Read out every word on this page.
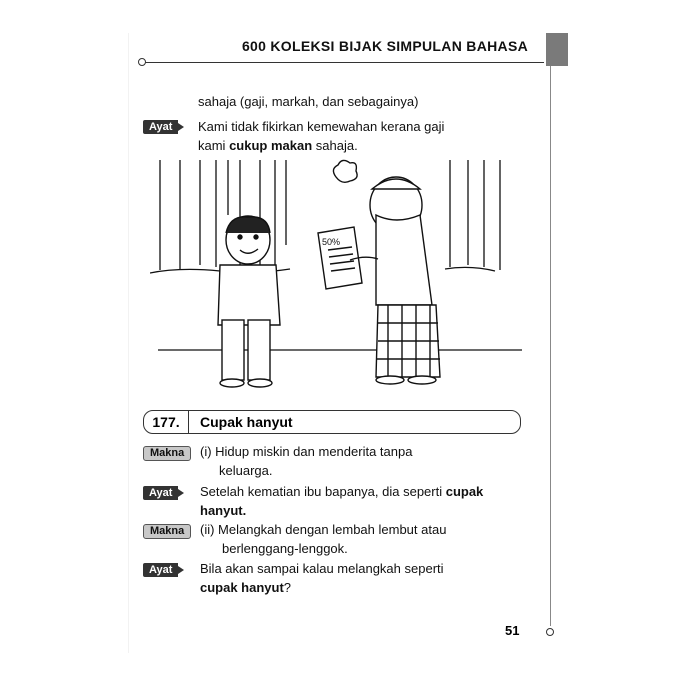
600 KOLEKSI BIJAK SIMPULAN BAHASA
sahaja (gaji, markah, dan sebagainya)
Ayat	Kami tidak fikirkan kemewahan kerana gaji
kami cukup makan sahaja.
50%
177.	Cupak hanyut
Makna	(i) Hidup miskin dan menderita tanpa
keluarga.
Ayat	Setelah kematian ibu bapanya, dia seperti cupak
hanyut.
Makna	(ii) Melangkah dengan lembah lembut atau
berlenggang-lenggok.
Ayat	Bila akan sampai kalau melangkah seperti
cupak hanyut?
51
